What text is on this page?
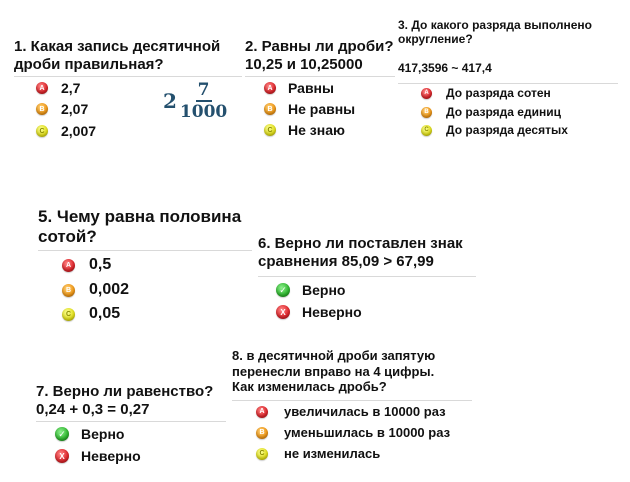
1. Какая запись десятичной
дроби правильная?
A 2,7
B 2,07
C 2,007
$2 \frac{7}{1000}$
2. Равны ли дроби?
10,25 и 10,25000
A Равны
B Не равны
C Не знаю
3. До какого разряда выполнено
округление?

417,3596 ~ 417,4
A До разряда сотен
B До разряда единиц
C До разряда десятых
5. Чему равна половина
сотой?
A 0,5
B 0,002
C 0,05
6. Верно ли поставлен знак
сравнения 85,09 > 67,99
✓ Верно
X	Неверно
8. в десятичной дроби запятую
перенесли вправо на 4 цифры.
Как изменилась дробь?
A увеличилась в 10000 раз
B уменьшилась в 10000 раз
C не изменилась
7. Верно ли равенство?
0,24 + 0,3 = 0,27
✓ Верно
X	Неверно
